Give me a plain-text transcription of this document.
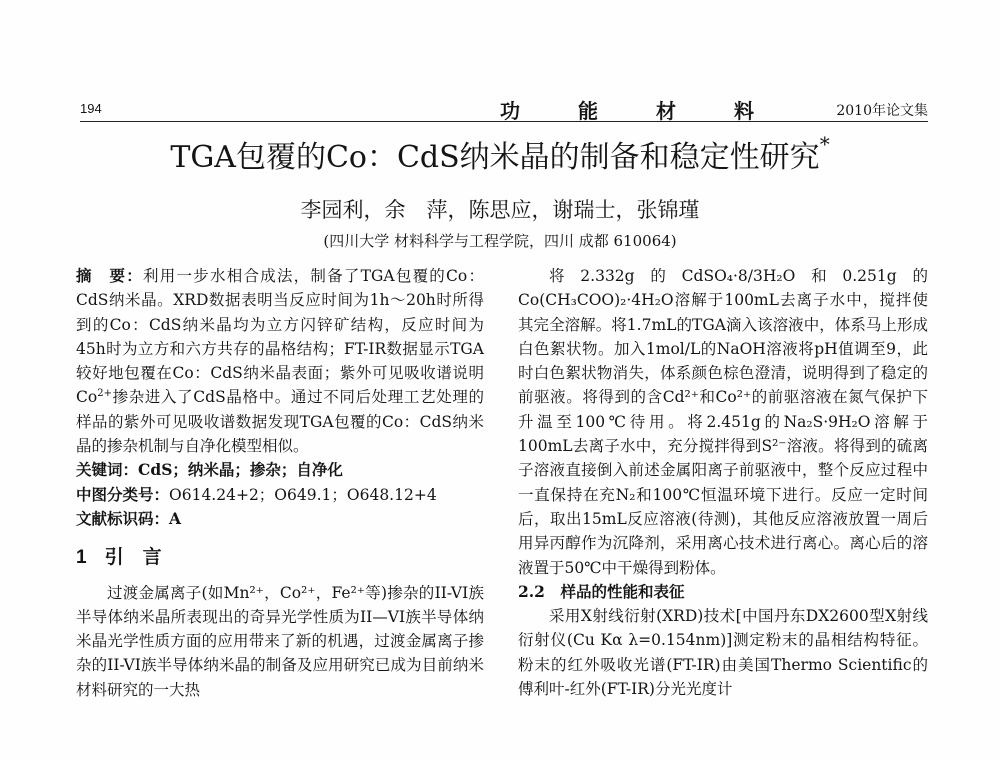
194	功能材料 2010年论文集
TGA包覆的Co：CdS纳米晶的制备和稳定性研究*
李园利，余　萍，陈思应，谢瑞士，张锦瑾
(四川大学 材料科学与工程学院，四川 成都 610064)

摘　要：利用一步水相合成法，制备了TGA包覆的Co：CdS纳米晶。XRD数据表明当反应时间为1h～20h时所得到的Co：CdS纳米晶均为立方闪锌矿结构，反应时间为45h时为立方和六方共存的晶格结构；FT-IR数据显示TGA较好地包覆在Co：CdS纳米晶表面；紫外可见吸收谱说明$Co^{2+}$掺杂进入了CdS晶格中。通过不同后处理工艺处理的样品的紫外可见吸收谱数据发现TGA包覆的Co：CdS纳米晶的掺杂机制与自净化模型相似。

关键词：CdS；纳米晶；掺杂；自净化

中图分类号：O614.24+2；O649.1；O648.12+4

文献标识码：A

1 引　言

过渡金属离子(如Mn²⁺，Co²⁺，Fe²⁺等)掺杂的II-VI族半导体纳米晶所表现出的奇异光学性质为II—VI族半导体纳米晶光学性质方面的应用带来了新的机遇，过渡金属离子掺杂的II-VI族半导体纳米晶的制备及应用研究已成为目前纳米材料研究的一大热

将2.332g的CdSO₄·8/3H₂O和0.251g的Co(CH₃COO)₂·4H₂O溶解于100mL去离子水中，搅拌使其完全溶解。将1.7mL的TGA滴入该溶液中，体系马上形成白色絮状物。加入1mol/L的NaOH溶液将pH值调至9，此时白色絮状物消失，体系颜色棕色澄清，说明得到了稳定的前驱液。将得到的含Cd²⁺和Co²⁺的前驱溶液在氮气保护下升温至100℃待用。将2.451g的Na₂S·9H₂O溶解于100mL去离子水中，充分搅拌得到S²⁻溶液。将得到的硫离子溶液直接倒入前述金属阳离子前驱液中，整个反应过程中一直保持在充N₂和100℃恒温环境下进行。反应一定时间后，取出15mL反应溶液(待测)，其他反应溶液放置一周后用异丙醇作为沉降剂，采用离心技术进行离心。离心后的溶液置于50℃中干燥得到粉体。

2.2　样品的性能和表征

采用X射线衍射(XRD)技术[中国丹东DX2600型X射线衍射仪(Cu Kα λ=0.154nm)]测定粉末的晶相结构特征。粉末的红外吸收光谱(FT-IR)由美国Thermo Scientific的傅利叶-红外(FT-IR)分光光度计
